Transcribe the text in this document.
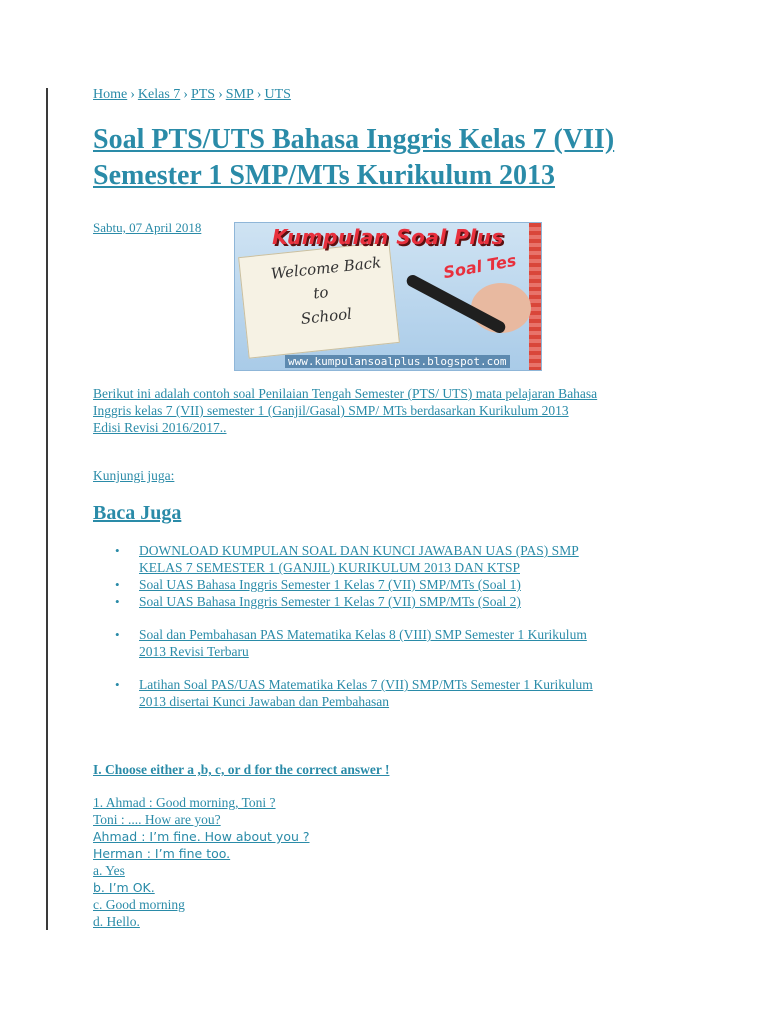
Home › Kelas 7 › PTS › SMP › UTS
Soal PTS/UTS Bahasa Inggris Kelas 7 (VII)
Semester 1 SMP/MTs Kurikulum 2013
Sabtu, 07 April 2018
Welcome Back
to
School
Kumpulan Soal Plus
Soal Tes
www.kumpulansoalplus.blogspot.com
Berikut ini adalah contoh soal Penilaian Tengah Semester (PTS/ UTS) mata pelajaran Bahasa
Inggris kelas 7 (VII) semester 1 (Ganjil/Gasal) SMP/ MTs berdasarkan Kurikulum 2013
Edisi Revisi 2016/2017..
Kunjungi juga:
Baca Juga
• DOWNLOAD KUMPULAN SOAL DAN KUNCI JAWABAN UAS (PAS) SMP
KELAS 7 SEMESTER 1 (GANJIL) KURIKULUM 2013 DAN KTSP
• Soal UAS Bahasa Inggris Semester 1 Kelas 7 (VII) SMP/MTs (Soal 1)
• Soal UAS Bahasa Inggris Semester 1 Kelas 7 (VII) SMP/MTs (Soal 2)
• Soal dan Pembahasan PAS Matematika Kelas 8 (VIII) SMP Semester 1 Kurikulum
2013 Revisi Terbaru
• Latihan Soal PAS/UAS Matematika Kelas 7 (VII) SMP/MTs Semester 1 Kurikulum
2013 disertai Kunci Jawaban dan Pembahasan
I. Choose either a ,b, c, or d for the correct answer !
1. Ahmad : Good morning, Toni ?
Toni : .... How are you?
Ahmad : I’m fine. How about you ?
Herman : I’m fine too.
a. Yes
b. I’m OK.
c. Good morning
d. Hello.
